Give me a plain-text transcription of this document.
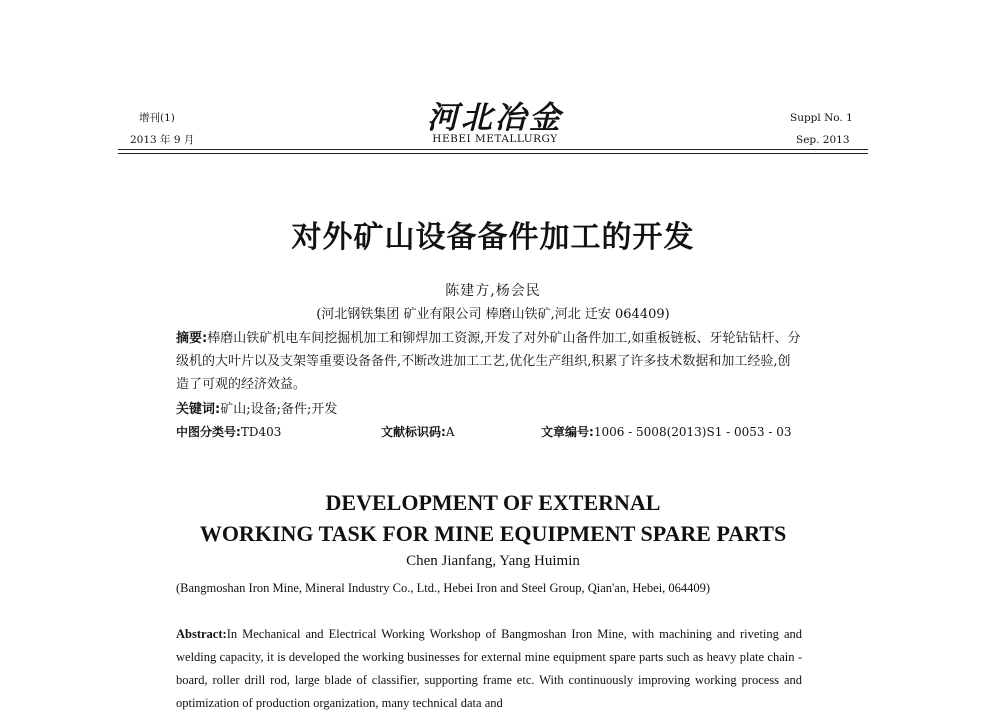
增刊(1)
2013 年 9 月
河北冶金
HEBEI METALLURGY
Suppl No. 1
Sep. 2013
对外矿山设备备件加工的开发
陈建方,杨会民
(河北钢铁集团 矿业有限公司 棒磨山铁矿,河北 迁安 064409)
摘要:棒磨山铁矿机电车间挖掘机加工和铆焊加工资源,开发了对外矿山备件加工,如重板链板、牙轮钻钻杆、分级机的大叶片以及支架等重要设备备件,不断改进加工工艺,优化生产组织,积累了许多技术数据和加工经验,创造了可观的经济效益。
关键词:矿山;设备;备件;开发
中图分类号:TD403	文献标识码:A	文章编号:1006 - 5008(2013)S1 - 0053 - 03
DEVELOPMENT OF EXTERNAL
WORKING TASK FOR MINE EQUIPMENT SPARE PARTS
Chen Jianfang, Yang Huimin
(Bangmoshan Iron Mine, Mineral Industry Co., Ltd., Hebei Iron and Steel Group, Qian'an, Hebei, 064409)
Abstract:In Mechanical and Electrical Working Workshop of Bangmoshan Iron Mine, with machining and riveting and welding capacity, it is developed the working businesses for external mine equipment spare parts such as heavy plate chain - board, roller drill rod, large blade of classifier, supporting frame etc. With continuously improving working process and optimization of production organization, many technical data and
